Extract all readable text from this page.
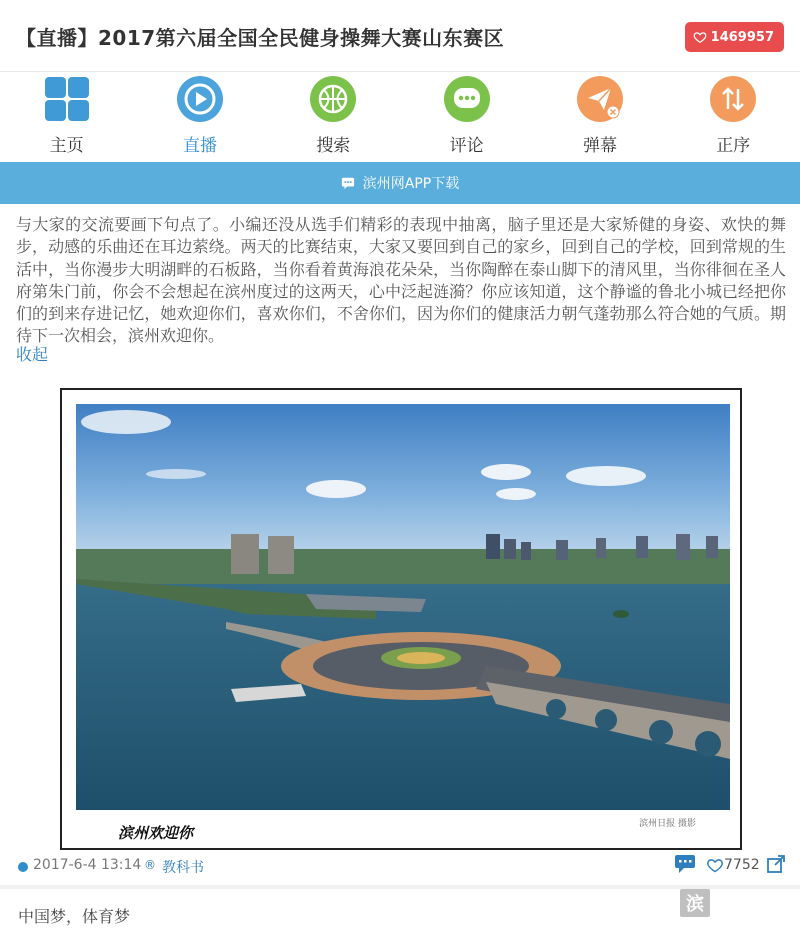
【直播】2017第六届全国全民健身操舞大赛山东赛区	1469957
主页	直播	搜索	评论	弹幕	正序
滨州网APP下载
与大家的交流要画下句点了。小编还没从选手们精彩的表现中抽离，脑子里还是大家矫健的身姿、欢快的舞步，动感的乐曲还在耳边萦绕。两天的比赛结束，大家又要回到自己的家乡，回到自己的学校，回到常规的生活中，当你漫步大明湖畔的石板路，当你看着黄海浪花朵朵，当你陶醉在泰山脚下的清风里，当你徘徊在圣人府第朱门前，你会不会想起在滨州度过的这两天，心中泛起涟漪？你应该知道，这个静谧的鲁北小城已经把你们的到来存进记忆，她欢迎你们，喜欢你们，不舍你们，因为你们的健康活力朝气蓬勃那么符合她的气质。期待下一次相会，滨州欢迎你。
收起
滨州欢迎你	滨州日报 摄影
2017-6-4 13:14 ® 教科书	7752
中国梦，体育梦
滨
